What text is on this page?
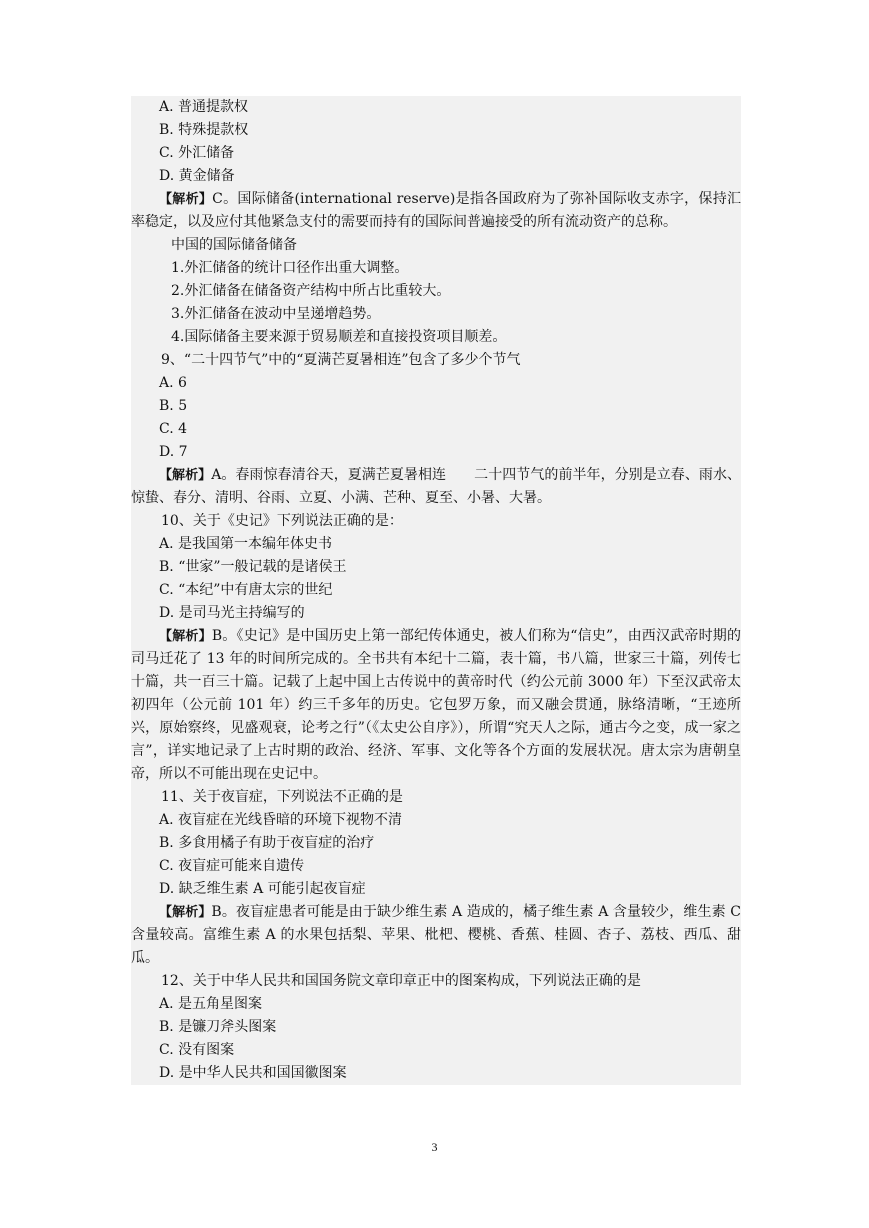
A. 普通提款权
B. 特殊提款权
C. 外汇储备
D. 黄金储备
【解析】C。国际储备(international reserve)是指各国政府为了弥补国际收支赤字，保持汇率稳定，以及应付其他紧急支付的需要而持有的国际间普遍接受的所有流动资产的总称。
中国的国际储备储备
1.外汇储备的统计口径作出重大调整。
2.外汇储备在储备资产结构中所占比重较大。
3.外汇储备在波动中呈递增趋势。
4.国际储备主要来源于贸易顺差和直接投资项目顺差。
9、“二十四节气”中的“夏满芒夏暑相连”包含了多少个节气
A. 6
B. 5
C. 4
D. 7
【解析】A。春雨惊春清谷天，夏满芒夏暑相连　　二十四节气的前半年，分别是立春、雨水、惊蛰、春分、清明、谷雨、立夏、小满、芒种、夏至、小暑、大暑。
10、关于《史记》下列说法正确的是：
A. 是我国第一本编年体史书
B. “世家”一般记载的是诸侯王
C. “本纪”中有唐太宗的世纪
D. 是司马光主持编写的
【解析】B。《史记》是中国历史上第一部纪传体通史，被人们称为“信史”，由西汉武帝时期的司马迁花了 13 年的时间所完成的。全书共有本纪十二篇，表十篇，书八篇，世家三十篇，列传七十篇，共一百三十篇。记载了上起中国上古传说中的黄帝时代（约公元前 3000 年）下至汉武帝太初四年（公元前 101 年）约三千多年的历史。它包罗万象，而又融会贯通，脉络清晰，“王迹所兴，原始察终，见盛观衰，论考之行”（《太史公自序》），所谓“究天人之际，通古今之变，成一家之言”，详实地记录了上古时期的政治、经济、军事、文化等各个方面的发展状况。唐太宗为唐朝皇帝，所以不可能出现在史记中。
11、关于夜盲症，下列说法不正确的是
A. 夜盲症在光线昏暗的环境下视物不清
B. 多食用橘子有助于夜盲症的治疗
C. 夜盲症可能来自遗传
D. 缺乏维生素 A 可能引起夜盲症
【解析】B。夜盲症患者可能是由于缺少维生素 A 造成的，橘子维生素 A 含量较少，维生素 C 含量较高。富维生素 A 的水果包括梨、苹果、枇杷、樱桃、香蕉、桂圆、杏子、荔枝、西瓜、甜瓜。
12、关于中华人民共和国国务院文章印章正中的图案构成，下列说法正确的是
A. 是五角星图案
B. 是镰刀斧头图案
C. 没有图案
D. 是中华人民共和国国徽图案
3
